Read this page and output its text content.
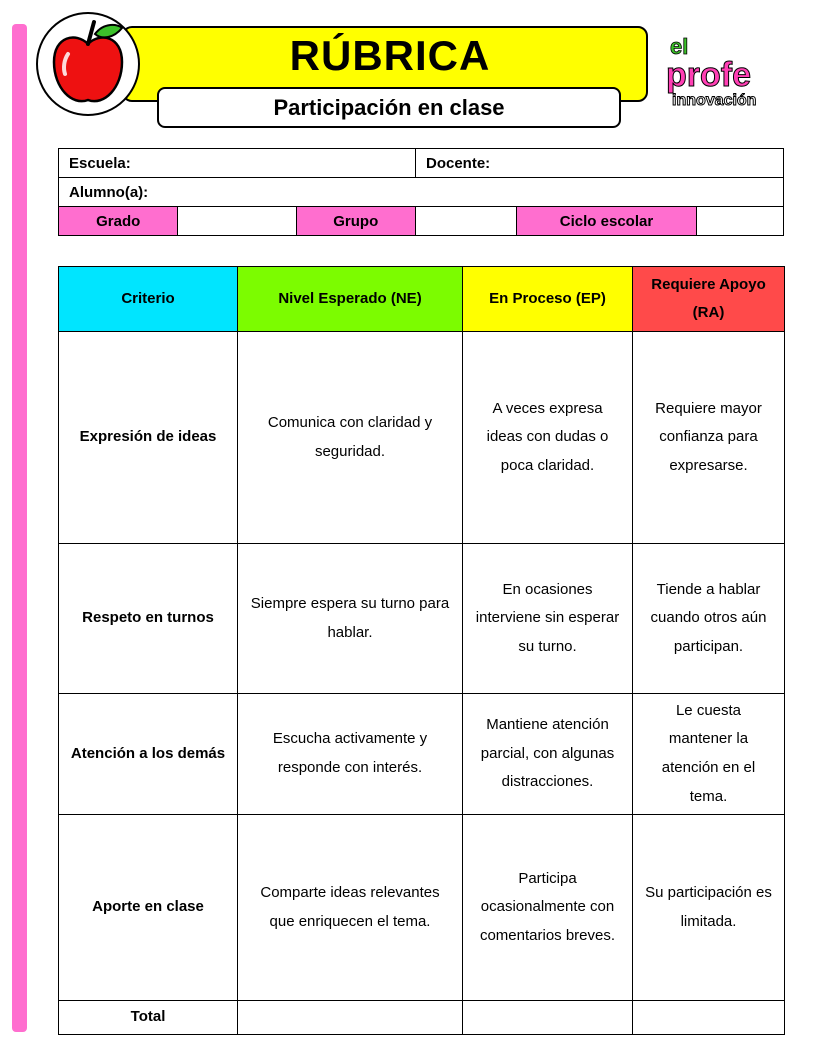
RÚBRICA
Participación en clase
el
profe
innovación
Escuela:			Docente:		
Alumno(a):					
Grado		Grupo		Ciclo escolar	
Criterio	Nivel Esperado (NE)	En Proceso (EP)	Requiere Apoyo (RA)
Expresión de ideas	Comunica con claridad y seguridad.	A veces expresa ideas con dudas o poca claridad.	Requiere mayor confianza para expresarse.
Respeto en turnos	Siempre espera su turno para hablar.	En ocasiones interviene sin esperar su turno.	Tiende a hablar cuando otros aún participan.
Atención a los demás	Escucha activamente y responde con interés.	Mantiene atención parcial, con algunas distracciones.	Le cuesta mantener la atención en el tema.
Aporte en clase	Comparte ideas relevantes que enriquecen el tema.	Participa ocasionalmente con comentarios breves.	Su participación es limitada.
Total			
